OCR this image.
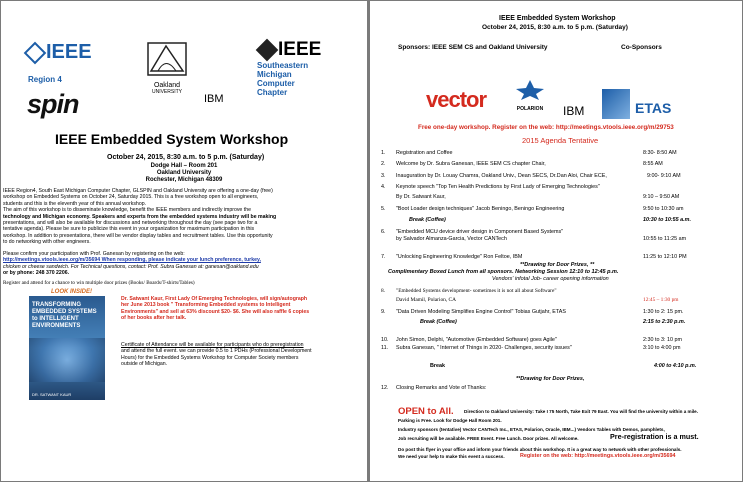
IEEE
Region 4
spin
Oakland
UNIVERSITY
IBM
IEEE
Southeastern
Michigan
Computer
Chapter
IEEE Embedded System Workshop
October 24, 2015, 8:30 a.m. to 5 p.m. (Saturday)
Dodge Hall – Room 201
Oakland University
Rochester, Michigan 48309
IEEE Region4, South East Michigan Computer Chapter, GLSPIN and Oakland University are offering a one-day (free)
workshop on Embedded Systems on October 24, Saturday 2015. This is a free workshop open to all engineers,
students and this is the eleventh year of this annual workshop.
The aim of this workshop is to disseminate knowledge, benefit the IEEE members and indirectly improve the
technology and Michigan economy. Speakers and experts from the embedded systems industry will be making
presentations, and will also be available for discussions and networking throughout the day (see page two for a
tentative agenda). Please be sure to publicize this event in your organization for maximum participation in this
workshop. In addition to presentations, there will be vendor display tables and recruitment tables. Use this opportunity
to do networking with other engineers.
Please confirm your participation with Prof. Ganesan by registering on the web:
http://meetings.vtools.ieee.org/m/35694 When responding, please indicate your lunch preference, turkey,
chicken or cheese sandwich. For Technical questions, contact: Prof. Subra Ganesan at: ganesan@oakland.edu
or by phone: 248 370 2206.
Register and attend for a chance to win multiple door prizes (Books/ Boards/T-shirts/Tables)
LOOK INSIDE!
TRANSFORMING
EMBEDDED SYSTEMS
to INTELLIGENT
ENVIRONMENTS
DR. SATWANT KAUR
Dr. Satwant Kaur, First Lady Of Emerging Technologies, will sign/autograph
her June 2013 book " Transforming Embedded systems to Intelligent
Environments" and sell at 63% discount $20- $6. She will also raffle 6 copies
of her books after her talk.
Certificate of Attendance will be available for participants who do preregistration
and attend the full event. we can provide 0.5 to 1 PDHs (Professional Development
Hours) for the Embedded Systems Workshop for Computer Society members
outside of Michigan.
IEEE Embedded System Workshop
October 24, 2015, 8:30 a.m. to 5 p.m. (Saturday)
Sponsors: IEEE SEM CS and Oakland University	Co-Sponsors
vector	POLARION	IBM	ETAS
Free one-day workshop. Register on the web: http://meetings.vtools.ieee.org/m/29753
2015 Agenda Tentative
1. Registration and Coffee	8:30- 8:50 AM
2. Welcome by Dr. Subra Ganesan, IEEE SEM CS chapter Chair,	8:55 AM
3. Inauguration by Dr. Louay Chamra, Oakland Univ., Dean SECS, Dr.Dan Aloi, Chair ECE,	9:00- 9:10 AM
4. Keynote speech "Top Ten Health Predictions by First Lady of Emerging Technologies"
By Dr. Satwant Kaur,	9:10 – 9:50 AM
5. "Boot Loader design techniques" Jacob Beningo, Beningo Engineering	9:50 to 10:30 am
Break (Coffee)	10:30 to 10:55 a.m.
6. "Embedded MCU device driver design in Component Based Systems"
by Salvador Almanza-Garcia, Vector CANTech	10:55 to 11:25 am
7. "Unlocking Engineering Knowledge" Ron Feltoe, IBM	11:25 to 12:10 PM
**Drawing for Door Prizes, **
Complimentary Boxed Lunch from all sponsors. Networking Session 12:10 to 12:45 p.m.
Vendors' infotal Job- career opening information
8. "Embedded Systems development- sometimes it is not all about Software"
David Mamil, Polarion, CA	12:45 – 1:30 pm
9. "Data Driven Modeling Simplifies Engine Control" Tobias Gutjahr, ETAS	1:30 to 2: 15 pm.
Break (Coffee)	2:15 to 2:30 p.m.
10. John Simon, Delphi, "Automotive (Embedded Software) goes Agile"	2:30 to 3: 10 pm
11. Subra Ganesan, " Internet of Things in 2020- Challenges, security issues"	3:10 to 4:00 pm
Break	4:00 to 4:10 p.m.
**Drawing for Door Prizes,
12. Closing Remarks and Vote of Thanks:
OPEN to All. Direction to Oakland University: Take I 75 North, Take Exit 79 East. You will find the university within a mile.
Parking is Free. Look for Dodge Hall Room 201.
Industry sponsors (tentative) Vector CANTech Inc., ETAS, Polarion, Oracle, IBM...) Vendors Tables with Demos, pamphlets,
Job recruiting will be available. FREE Event. Free Lunch. Door prizes. All welcome.	Pre-registration is a must.
Do post this flyer in your office and inform your friends about this workshop. It is a great way to network with other professionals.
We need your help to make this event a success.	Register on the web: http://meetings.vtools.ieee.org/m/35694
